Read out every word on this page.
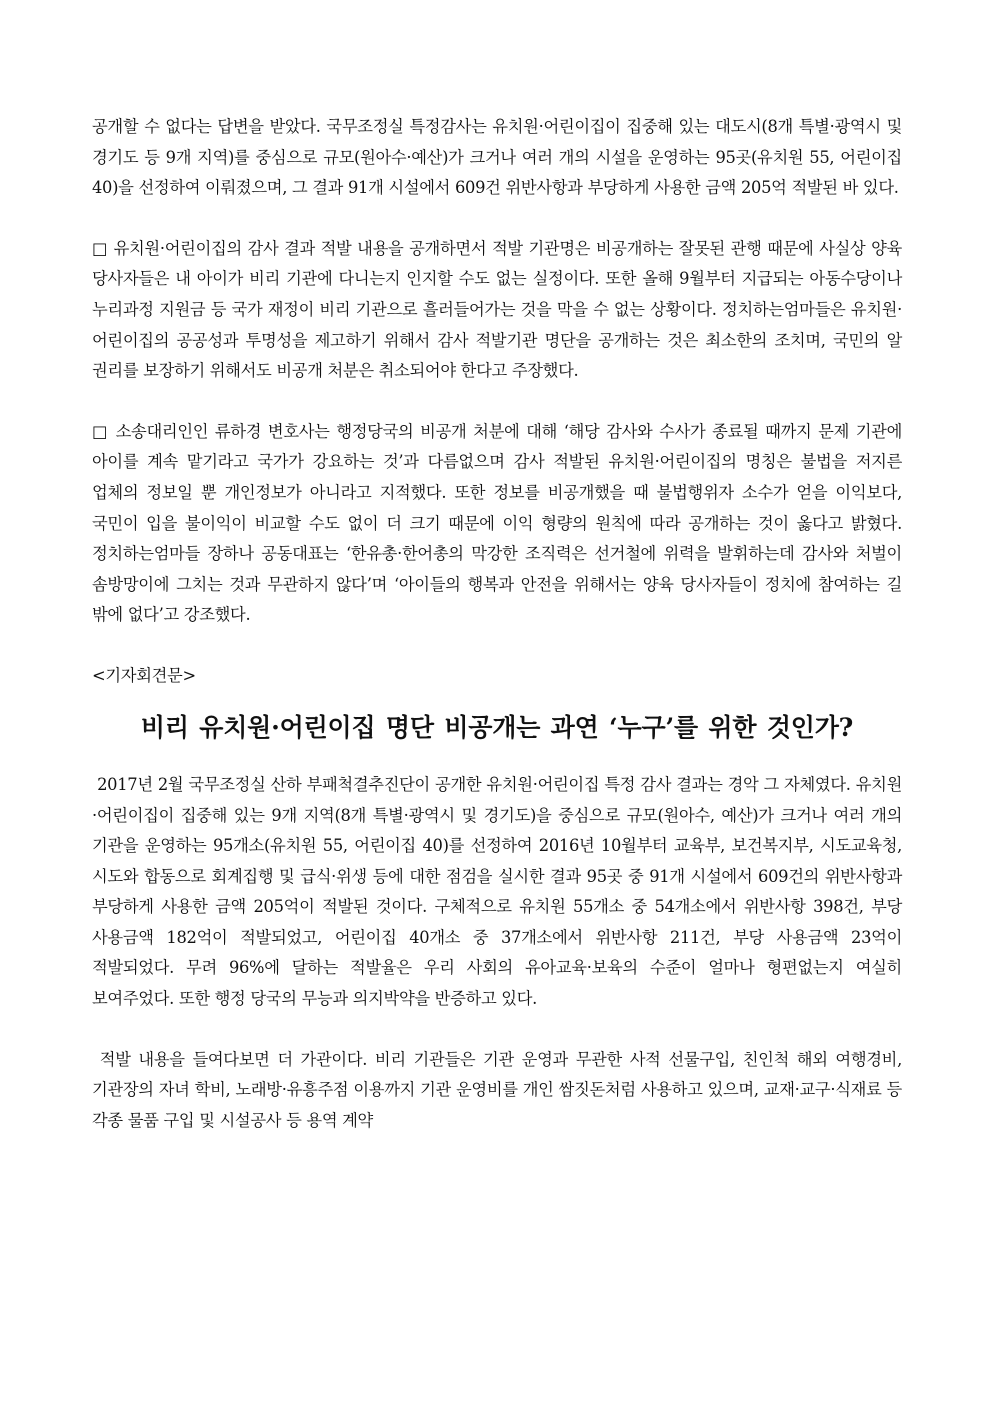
공개할 수 없다는 답변을 받았다. 국무조정실 특정감사는 유치원·어린이집이 집중해 있는 대도시(8개 특별·광역시 및 경기도 등 9개 지역)를 중심으로 규모(원아수·예산)가 크거나 여러 개의 시설을 운영하는 95곳(유치원 55, 어린이집 40)을 선정하여 이뤄졌으며, 그 결과 91개 시설에서 609건 위반사항과 부당하게 사용한 금액 205억 적발된 바 있다.

□ 유치원·어린이집의 감사 결과 적발 내용을 공개하면서 적발 기관명은 비공개하는 잘못된 관행 때문에 사실상 양육 당사자들은 내 아이가 비리 기관에 다니는지 인지할 수도 없는 실정이다. 또한 올해 9월부터 지급되는 아동수당이나 누리과정 지원금 등 국가 재정이 비리 기관으로 흘러들어가는 것을 막을 수 없는 상황이다. 정치하는엄마들은 유치원·어린이집의 공공성과 투명성을 제고하기 위해서 감사 적발기관 명단을 공개하는 것은 최소한의 조치며, 국민의 알 권리를 보장하기 위해서도 비공개 처분은 취소되어야 한다고 주장했다.

□ 소송대리인인 류하경 변호사는 행정당국의 비공개 처분에 대해 ‘해당 감사와 수사가 종료될 때까지 문제 기관에 아이를 계속 맡기라고 국가가 강요하는 것’과 다름없으며 감사 적발된 유치원·어린이집의 명칭은 불법을 저지른 업체의 정보일 뿐 개인정보가 아니라고 지적했다. 또한 정보를 비공개했을 때 불법행위자 소수가 얻을 이익보다, 국민이 입을 불이익이 비교할 수도 없이 더 크기 때문에 이익 형량의 원칙에 따라 공개하는 것이 옳다고 밝혔다. 정치하는엄마들 장하나 공동대표는 ‘한유총·한어총의 막강한 조직력은 선거철에 위력을 발휘하는데 감사와 처벌이 솜방망이에 그치는 것과 무관하지 않다’며 ‘아이들의 행복과 안전을 위해서는 양육 당사자들이 정치에 참여하는 길 밖에 없다’고 강조했다.

<기자회견문>

비리 유치원·어린이집 명단 비공개는 과연 ‘누구’를 위한 것인가?

2017년 2월 국무조정실 산하 부패척결추진단이 공개한 유치원·어린이집 특정 감사 결과는 경악 그 자체였다. 유치원·어린이집이 집중해 있는 9개 지역(8개 특별·광역시 및 경기도)을 중심으로 규모(원아수, 예산)가 크거나 여러 개의 기관을 운영하는 95개소(유치원 55, 어린이집 40)를 선정하여 2016년 10월부터 교육부, 보건복지부, 시도교육청, 시도와 합동으로 회계집행 및 급식·위생 등에 대한 점검을 실시한 결과 95곳 중 91개 시설에서 609건의 위반사항과 부당하게 사용한 금액 205억이 적발된 것이다. 구체적으로 유치원 55개소 중 54개소에서 위반사항 398건, 부당 사용금액 182억이 적발되었고, 어린이집 40개소 중 37개소에서 위반사항 211건, 부당 사용금액 23억이 적발되었다. 무려 96%에 달하는 적발율은 우리 사회의 유아교육·보육의 수준이 얼마나 형편없는지 여실히 보여주었다. 또한 행정 당국의 무능과 의지박약을 반증하고 있다.

적발 내용을 들여다보면 더 가관이다. 비리 기관들은 기관 운영과 무관한 사적 선물구입, 친인척 해외 여행경비, 기관장의 자녀 학비, 노래방·유흥주점 이용까지 기관 운영비를 개인 쌈짓돈처럼 사용하고 있으며, 교재·교구·식재료 등 각종 물품 구입 및 시설공사 등 용역 계약
